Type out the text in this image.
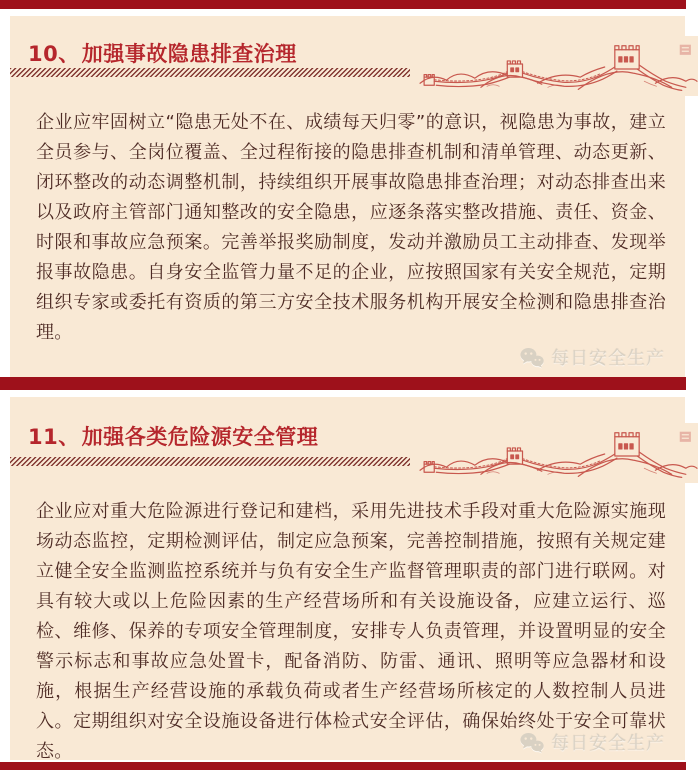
10、加强事故隐患排查治理

企业应牢固树立“隐患无处不在、成绩每天归零”的意识，视隐患为事故，建立全员参与、全岗位覆盖、全过程衔接的隐患排查机制和清单管理、动态更新、闭环整改的动态调整机制，持续组织开展事故隐患排查治理；对动态排查出来以及政府主管部门通知整改的安全隐患，应逐条落实整改措施、责任、资金、时限和事故应急预案。完善举报奖励制度，发动并激励员工主动排查、发现举报事故隐患。自身安全监管力量不足的企业，应按照国家有关安全规范，定期组织专家或委托有资质的第三方安全技术服务机构开展安全检测和隐患排查治理。

每日安全生产
11、加强各类危险源安全管理

企业应对重大危险源进行登记和建档，采用先进技术手段对重大危险源实施现场动态监控，定期检测评估，制定应急预案，完善控制措施，按照有关规定建立健全安全监测监控系统并与负有安全生产监督管理职责的部门进行联网。对具有较大或以上危险因素的生产经营场所和有关设施设备，应建立运行、巡检、维修、保养的专项安全管理制度，安排专人负责管理，并设置明显的安全警示标志和事故应急处置卡，配备消防、防雷、通讯、照明等应急器材和设施，根据生产经营设施的承载负荷或者生产经营场所核定的人数控制人员进入。定期组织对安全设施设备进行体检式安全评估，确保始终处于安全可靠状态。	每日安全生产
